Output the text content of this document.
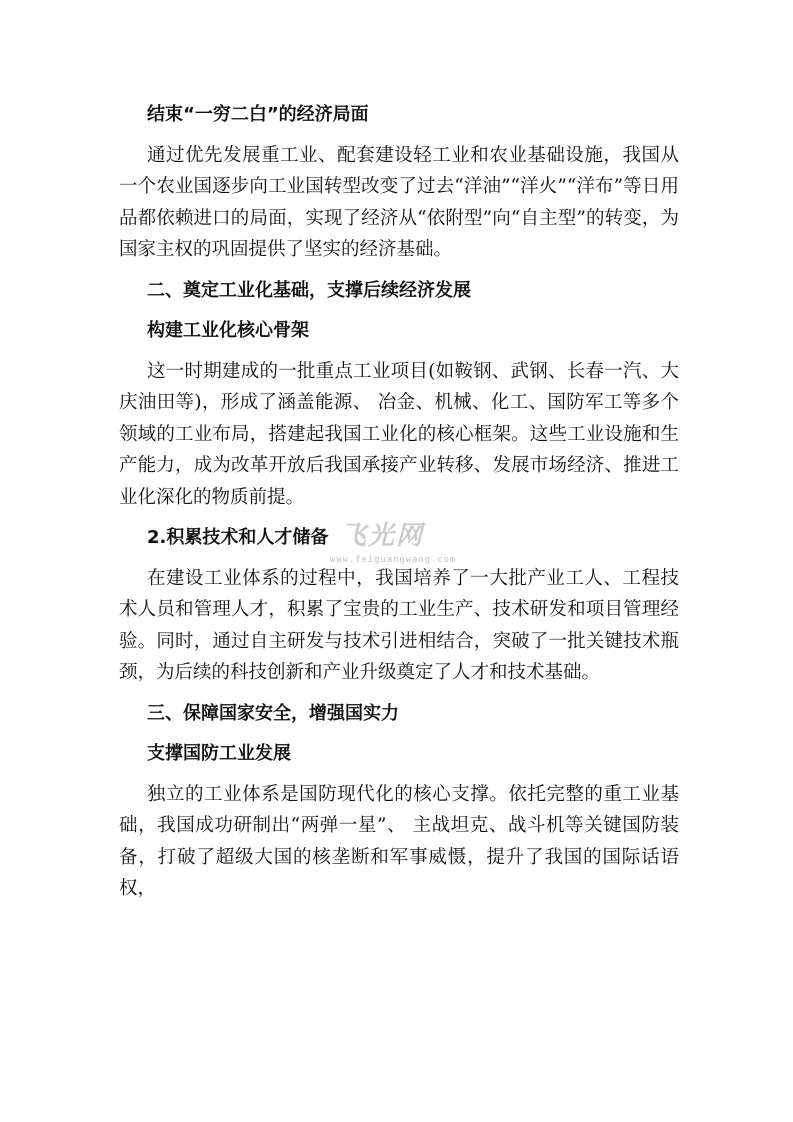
结束“一穷二白”的经济局面

通过优先发展重工业、配套建设轻工业和农业基础设施，我国从一个农业国逐步向工业国转型改变了过去“洋油”“洋火”“洋布”等日用品都依赖进口的局面，实现了经济从“依附型”向“自主型”的转变，为国家主权的巩固提供了坚实的经济基础。

二、奠定工业化基础，支撑后续经济发展

构建工业化核心骨架

这一时期建成的一批重点工业项目(如鞍钢、武钢、长春一汽、大庆油田等)，形成了涵盖能源、 冶金、机械、化工、国防军工等多个领域的工业布局，搭建起我国工业化的核心框架。这些工业设施和生产能力，成为改革开放后我国承接产业转移、发展市场经济、推进工业化深化的物质前提。

2.积累技术和人才储备

在建设工业体系的过程中，我国培养了一大批产业工人、工程技术人员和管理人才，积累了宝贵的工业生产、技术研发和项目管理经验。同时，通过自主研发与技术引进相结合，突破了一批关键技术瓶颈，为后续的科技创新和产业升级奠定了人才和技术基础。

三、保障国家安全，增强国实力

支撑国防工业发展

独立的工业体系是国防现代化的核心支撑。依托完整的重工业基础，我国成功研制出“两弹一星”、 主战坦克、战斗机等关键国防装备，打破了超级大国的核垄断和军事威慑，提升了我国的国际话语权，

飞光网
www.feiguangwang.com
